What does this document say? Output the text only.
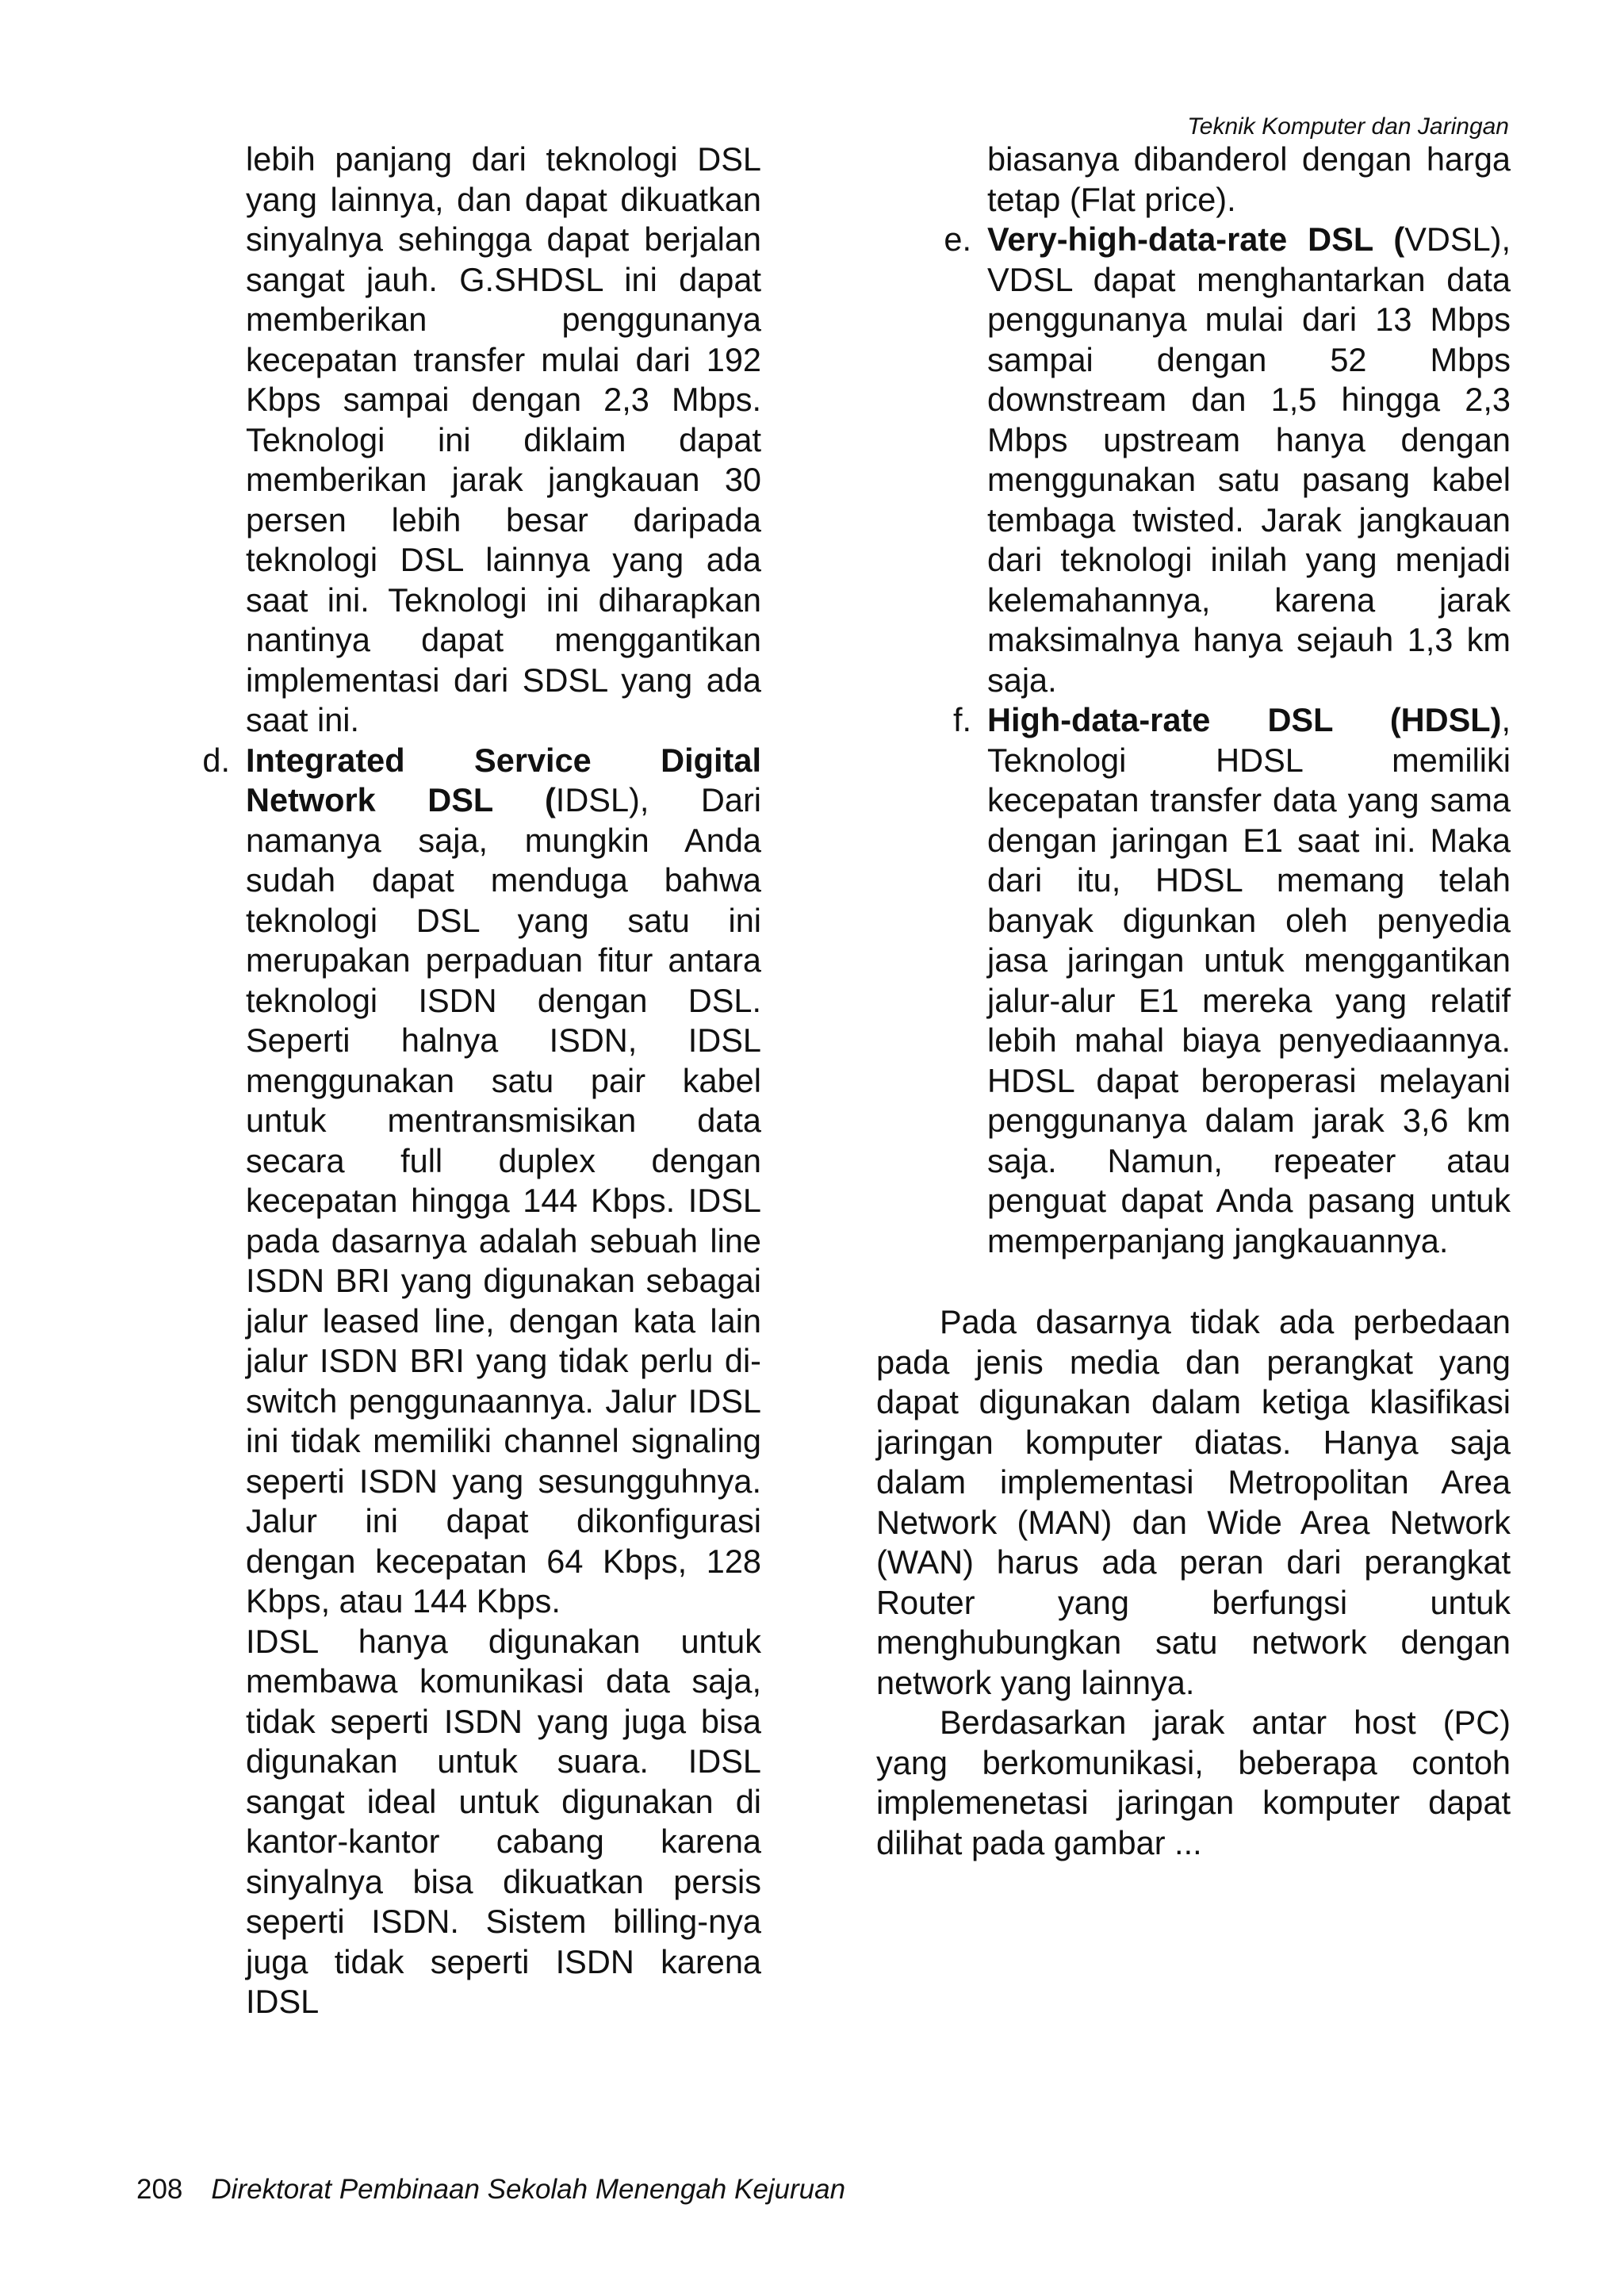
Teknik Komputer dan Jaringan

lebih panjang dari teknologi DSL yang lainnya, dan dapat dikuatkan sinyalnya sehingga dapat berjalan sangat jauh. G.SHDSL ini dapat memberikan penggunanya kecepatan transfer mulai dari 192 Kbps sampai dengan 2,3 Mbps. Teknologi ini diklaim dapat memberikan jarak jangkauan 30 persen lebih besar daripada teknologi DSL lainnya yang ada saat ini. Teknologi ini diharapkan nantinya dapat menggantikan implementasi dari SDSL yang ada saat ini.

d. Integrated Service Digital Network DSL (IDSL), Dari namanya saja, mungkin Anda sudah dapat menduga bahwa teknologi DSL yang satu ini merupakan perpaduan fitur antara teknologi ISDN dengan DSL. Seperti halnya ISDN, IDSL menggunakan satu pair kabel untuk mentransmisikan data secara full duplex dengan kecepatan hingga 144 Kbps. IDSL pada dasarnya adalah sebuah line ISDN BRI yang digunakan sebagai jalur leased line, dengan kata lain jalur ISDN BRI yang tidak perlu di-switch penggunaannya. Jalur IDSL ini tidak memiliki channel signaling seperti ISDN yang sesungguhnya. Jalur ini dapat dikonfigurasi dengan kecepatan 64 Kbps, 128 Kbps, atau 144 Kbps.

IDSL hanya digunakan untuk membawa komunikasi data saja, tidak seperti ISDN yang juga bisa digunakan untuk suara. IDSL sangat ideal untuk digunakan di kantor-kantor cabang karena sinyalnya bisa dikuatkan persis seperti ISDN. Sistem billing-nya juga tidak seperti ISDN karena IDSL

biasanya dibanderol dengan harga tetap (Flat price).

e. Very-high-data-rate DSL (VDSL), VDSL dapat menghantarkan data penggunanya mulai dari 13 Mbps sampai dengan 52 Mbps downstream dan 1,5 hingga 2,3 Mbps upstream hanya dengan menggunakan satu pasang kabel tembaga twisted. Jarak jangkauan dari teknologi inilah yang menjadi kelemahannya, karena jarak maksimalnya hanya sejauh 1,3 km saja.

f. High-data-rate DSL (HDSL), Teknologi HDSL memiliki kecepatan transfer data yang sama dengan jaringan E1 saat ini. Maka dari itu, HDSL memang telah banyak digunkan oleh penyedia jasa jaringan untuk menggantikan jalur-alur E1 mereka yang relatif lebih mahal biaya penyediaannya. HDSL dapat beroperasi melayani penggunanya dalam jarak 3,6 km saja. Namun, repeater atau penguat dapat Anda pasang untuk memperpanjang jangkauannya.

Pada dasarnya tidak ada perbedaan pada jenis media dan perangkat yang dapat digunakan dalam ketiga klasifikasi jaringan komputer diatas. Hanya saja dalam implementasi Metropolitan Area Network (MAN) dan Wide Area Network (WAN) harus ada peran dari perangkat Router yang berfungsi untuk menghubungkan satu network dengan network yang lainnya.

Berdasarkan jarak antar host (PC) yang berkomunikasi, beberapa contoh implemenetasi jaringan komputer dapat dilihat pada gambar ...

208 Direktorat Pembinaan Sekolah Menengah Kejuruan
